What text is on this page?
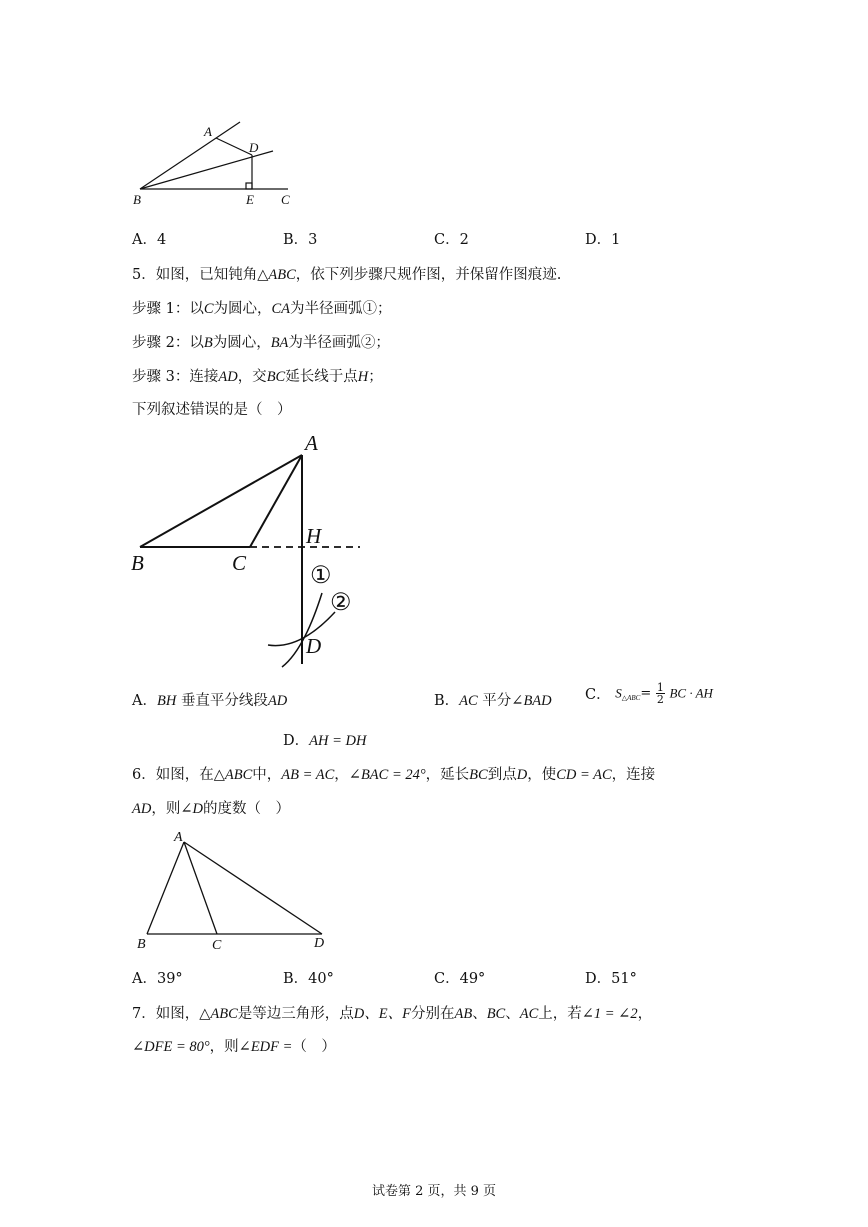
A
D
B	E C
A．4	B．3	C．2	D．1
5．如图，已知钝角△ABC，依下列步骤尺规作图，并保留作图痕迹.
步骤 1：以C为圆心，CA为半径画弧①；
步骤 2：以B为圆心，BA为半径画弧②；
步骤 3：连接AD，交BC延长线于点H；
下列叙述错误的是（　）
A
B	C
H
D
①
②
A．BH 垂直平分线段AD	B．AC 平分∠BAD C． $S_{\triangle ABC}= \frac{1}{2}$ BC · AH
D．AH = DH
6．如图，在△ABC中，AB = AC，∠BAC = 24°，延长BC到点D，使CD = AC，连接
AD，则∠D的度数（　）
A
B	C	D
A．39°	B．40°	C．49°	D．51°
7．如图，△ABC是等边三角形，点D、E、F分别在AB、BC、AC上，若∠1 = ∠2，
∠DFE = 80°，则∠EDF =（　）
试卷第 2 页，共 9 页
